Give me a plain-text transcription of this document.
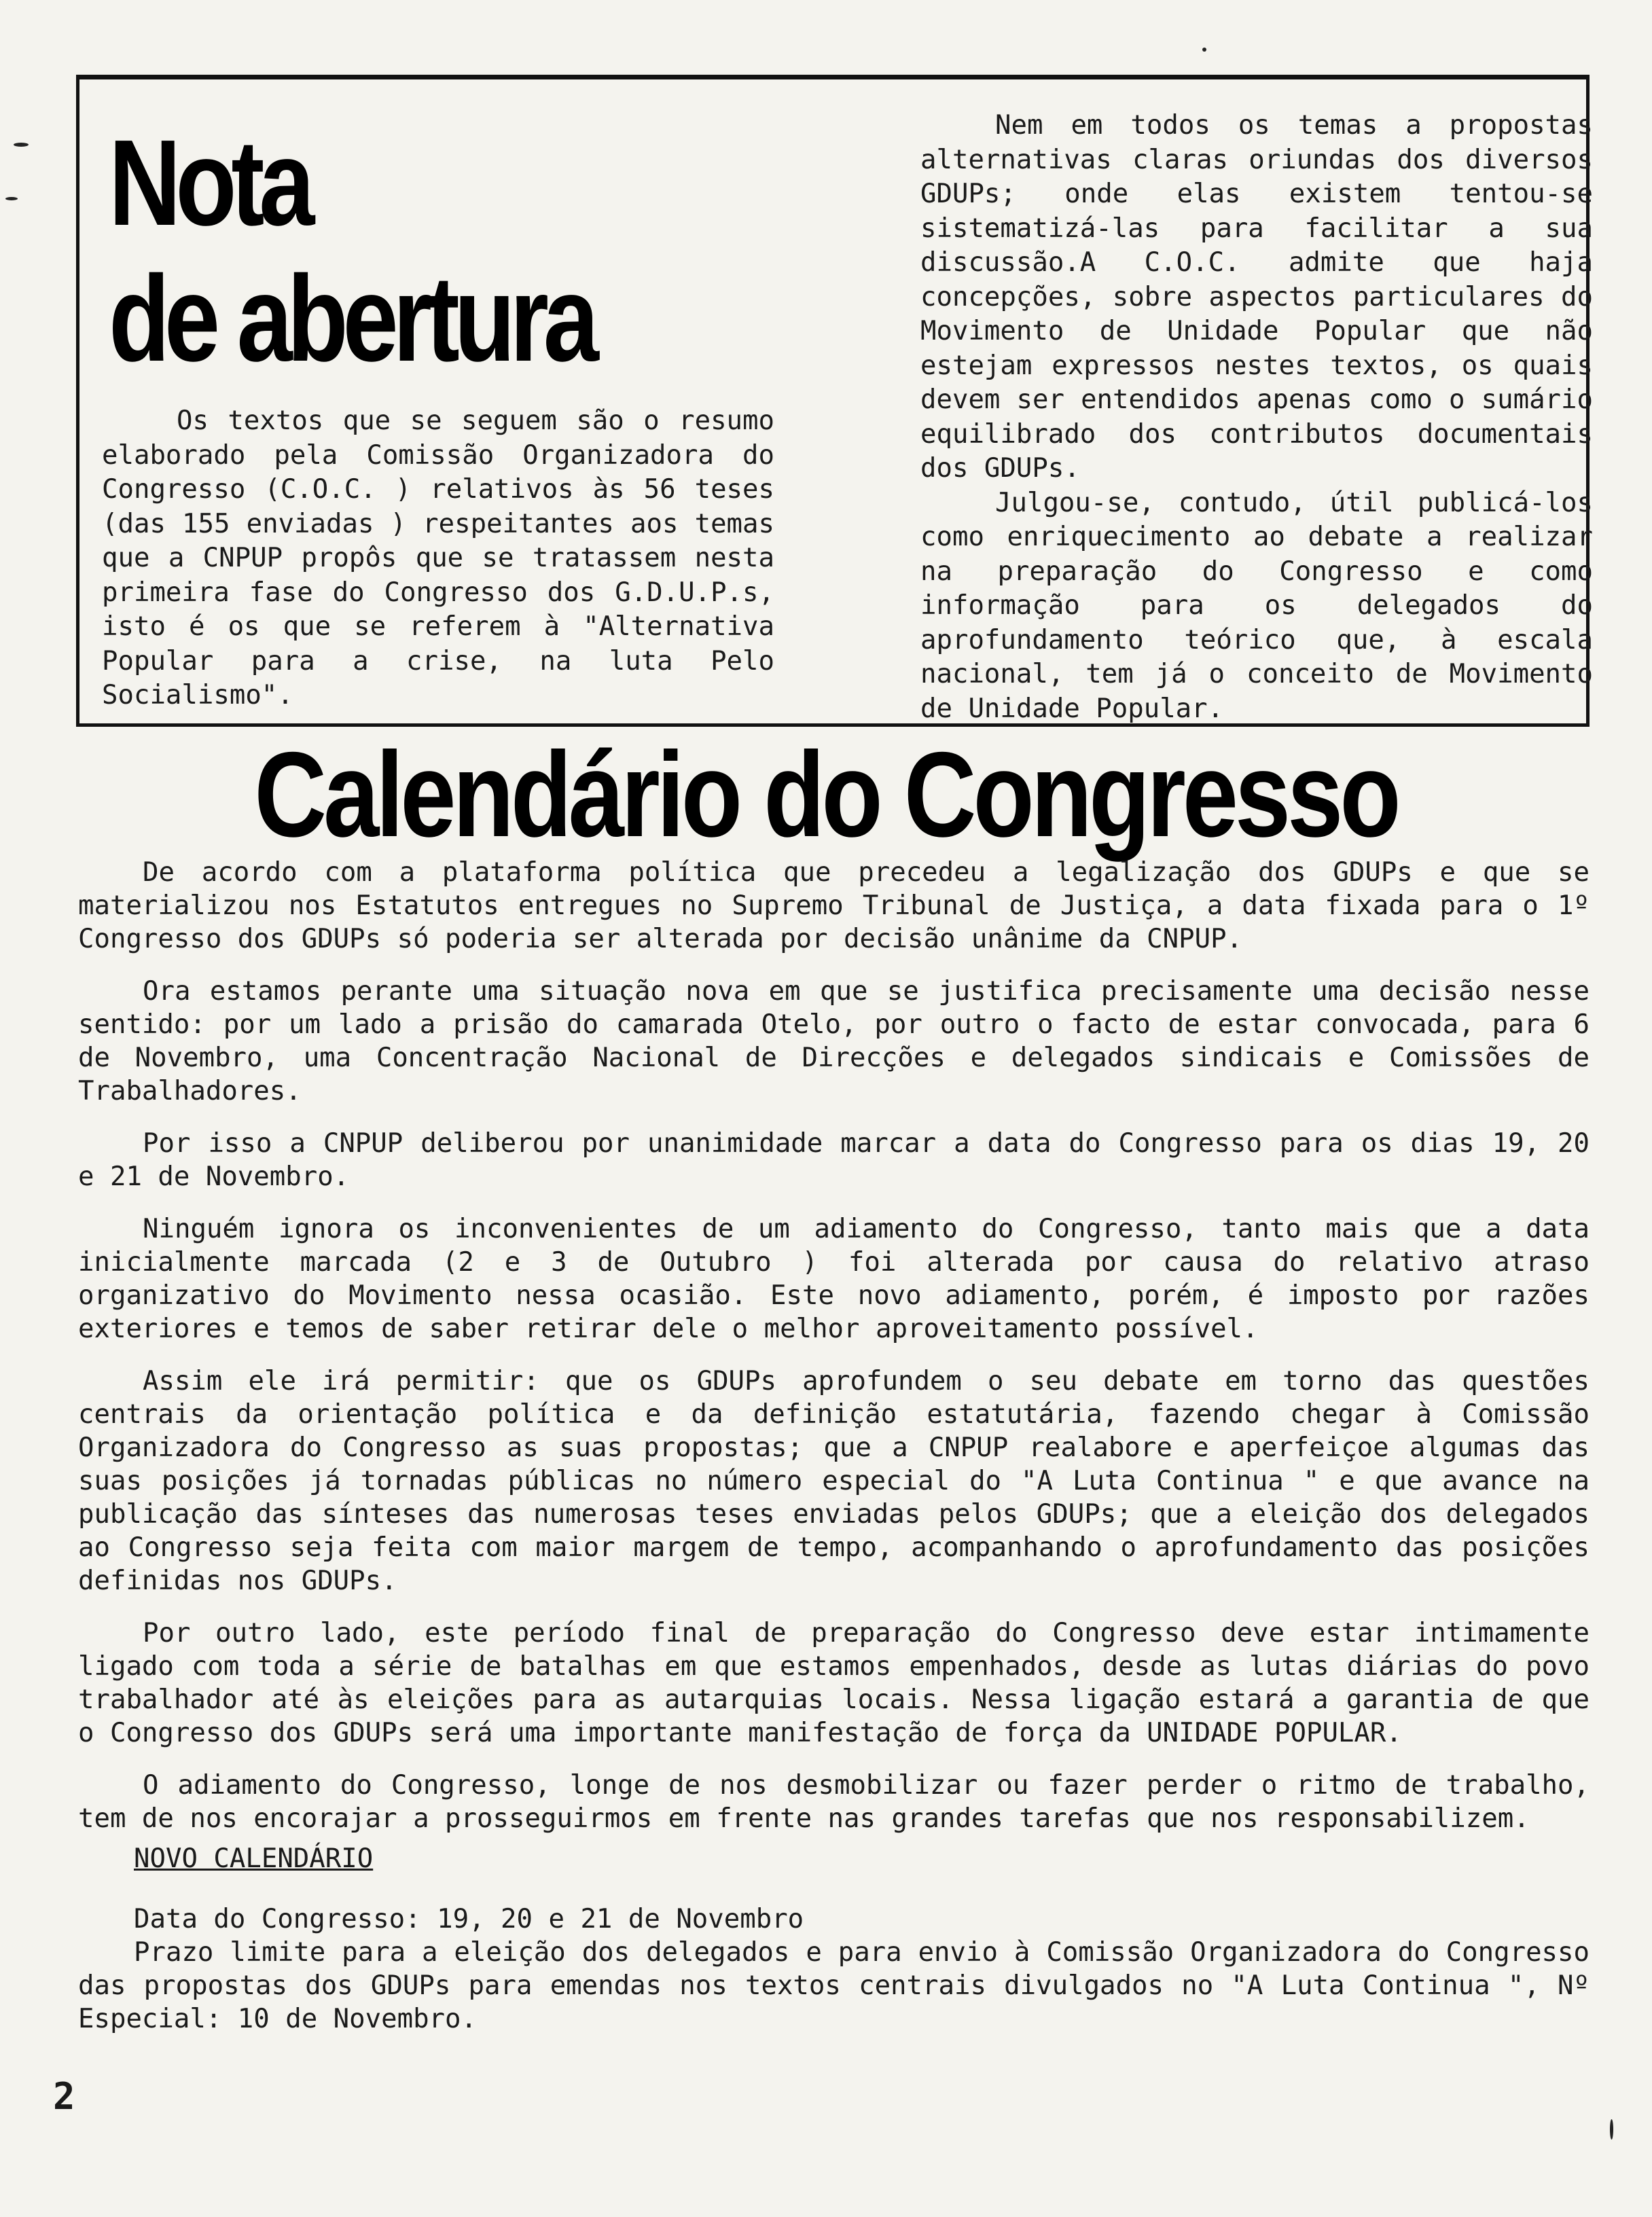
Nota
de abertura

Os textos que se seguem são o resumo elaborado pela Comissão Organizadora do Congresso (C.O.C. ) relativos às 56 teses (das 155 enviadas ) respeitantes aos temas que a CNPUP propôs que se tratassem nesta primeira fase do Congresso dos G.D.U.P.s, isto é os que se referem à "Alternativa Popular para a crise, na luta Pelo Socialismo".

Nem em todos os temas a propostas alternativas claras oriundas dos diversos GDUPs; onde elas existem tentou-se sistematizá-las para facilitar a sua discussão.A C.O.C. admite que haja concepções, sobre aspectos particulares do Movimento de Unidade Popular que não estejam expressos nestes textos, os quais devem ser entendidos apenas como o sumário equilibrado dos contributos documentais dos GDUPs.

Julgou-se, contudo, útil publicá-los como enriquecimento ao debate a realizar na preparação do Congresso e como informação para os delegados do aprofundamento teórico que, à escala nacional, tem já o conceito de Movimento de Unidade Popular.

Calendário do Congresso

De acordo com a plataforma política que precedeu a legalização dos GDUPs e que se materializou nos Estatutos entregues no Supremo Tribunal de Justiça, a data fixada para o 1º Congresso dos GDUPs só poderia ser alterada por decisão unânime da CNPUP.

Ora estamos perante uma situação nova em que se justifica precisamente uma decisão nesse sentido: por um lado a prisão do camarada Otelo, por outro o facto de estar convocada, para 6 de Novembro, uma Concentração Nacional de Direcções e delegados sindicais e Comissões de Trabalhadores.

Por isso a CNPUP deliberou por unanimidade marcar a data do Congresso para os dias 19, 20 e 21 de Novembro.

Ninguém ignora os inconvenientes de um adiamento do Congresso, tanto mais que a data inicialmente marcada (2 e 3 de Outubro ) foi alterada por causa do relativo atraso organizativo do Movimento nessa ocasião. Este novo adiamento, porém, é imposto por razões exteriores e temos de saber retirar dele o melhor aproveitamento possível.

Assim ele irá permitir: que os GDUPs aprofundem o seu debate em torno das questões centrais da orientação política e da definição estatutária, fazendo chegar à Comissão Organizadora do Congresso as suas propostas; que a CNPUP realabore e aperfeiçoe algumas das suas posições já tornadas públicas no número especial do "A Luta Continua " e que avance na publicação das sínteses das numerosas teses enviadas pelos GDUPs; que a eleição dos delegados ao Congresso seja feita com maior margem de tempo, acompanhando o aprofundamento das posições definidas nos GDUPs.

Por outro lado, este período final de preparação do Congresso deve estar intimamente ligado com toda a série de batalhas em que estamos empenhados, desde as lutas diárias do povo trabalhador até às eleições para as autarquias locais. Nessa ligação estará a garantia de que o Congresso dos GDUPs será uma importante manifestação de força da UNIDADE POPULAR.

O adiamento do Congresso, longe de nos desmobilizar ou fazer perder o ritmo de trabalho, tem de nos encorajar a prosseguirmos em frente nas grandes tarefas que nos responsabilizem.

NOVO CALENDÁRIO

Data do Congresso: 19, 20 e 21 de Novembro

Prazo limite para a eleição dos delegados e para envio à Comissão Organizadora do Congresso das propostas dos GDUPs para emendas nos textos centrais divulgados no "A Luta Continua ", Nº Especial: 10 de Novembro.

2
